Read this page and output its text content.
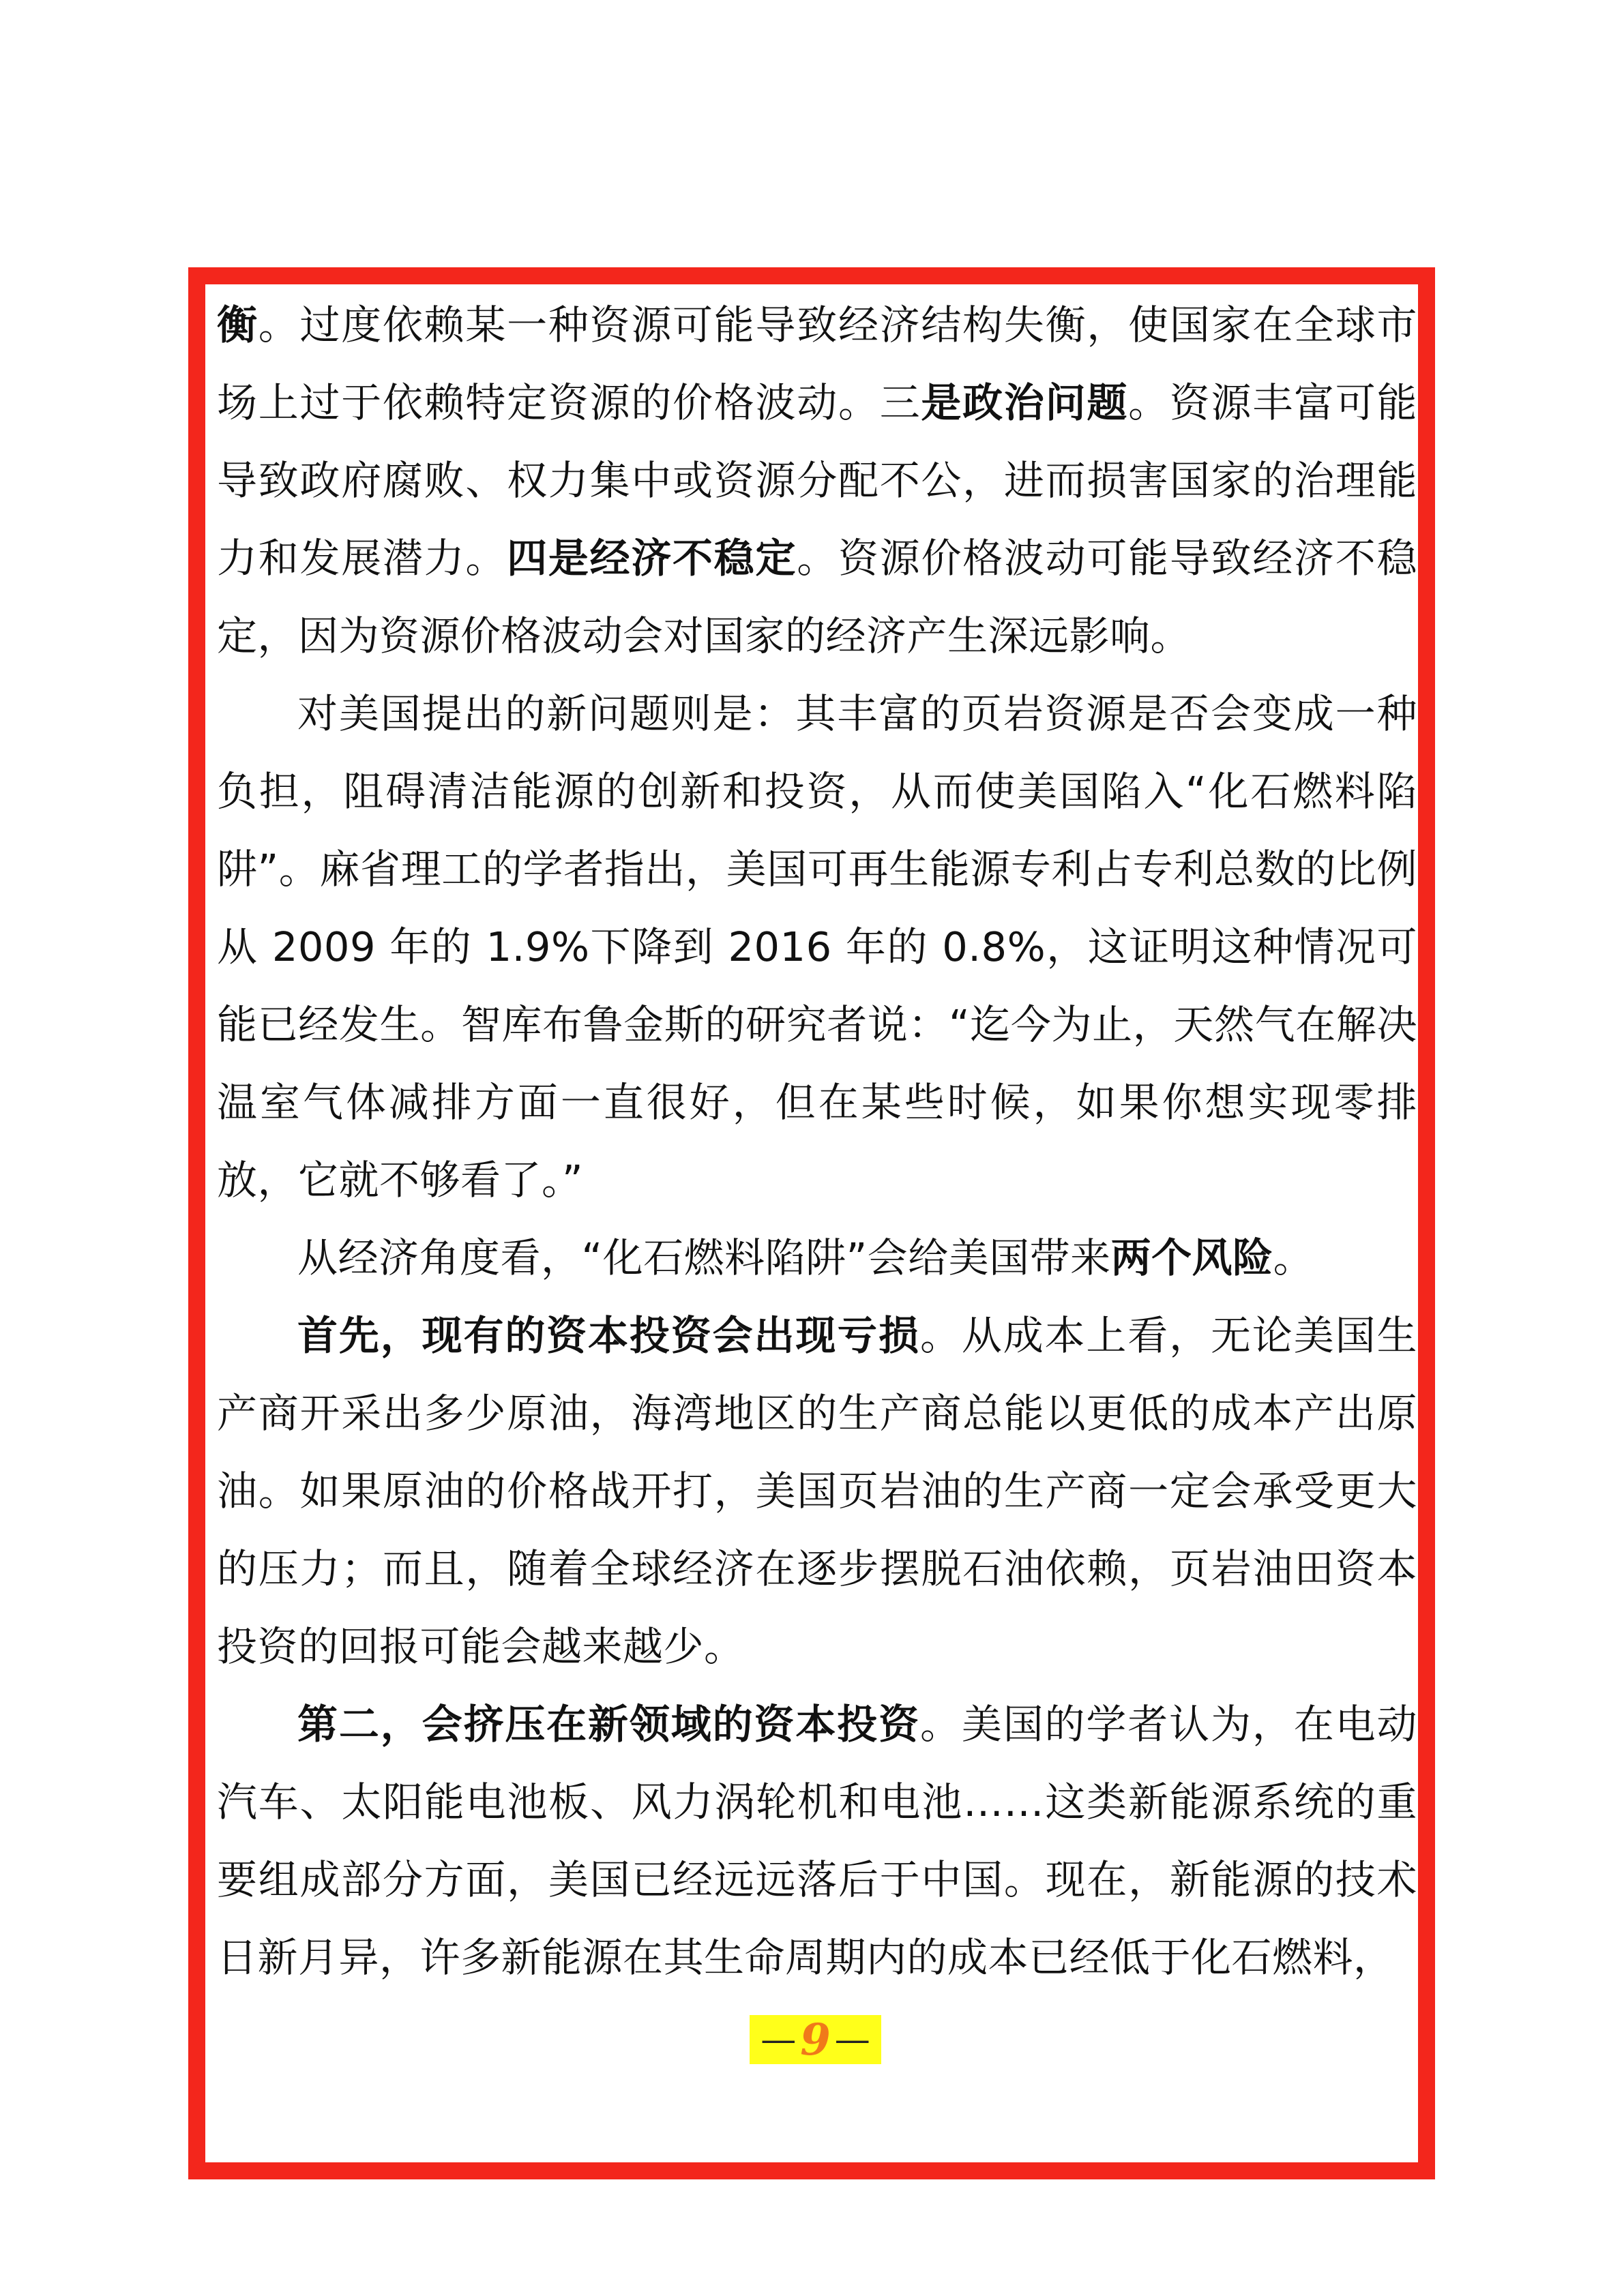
衡。过度依赖某一种资源可能导致经济结构失衡，使国家在全球市场上过于依赖特定资源的价格波动。三是政治问题。资源丰富可能导致政府腐败、权力集中或资源分配不公，进而损害国家的治理能力和发展潜力。四是经济不稳定。资源价格波动可能导致经济不稳定，因为资源价格波动会对国家的经济产生深远影响。

对美国提出的新问题则是：其丰富的页岩资源是否会变成一种负担，阻碍清洁能源的创新和投资，从而使美国陷入“化石燃料陷阱”。麻省理工的学者指出，美国可再生能源专利占专利总数的比例从 2009 年的 1.9%下降到 2016 年的 0.8%，这证明这种情况可能已经发生。智库布鲁金斯的研究者说：“迄今为止，天然气在解决温室气体减排方面一直很好，但在某些时候，如果你想实现零排放，它就不够看了。”

从经济角度看，“化石燃料陷阱”会给美国带来两个风险。

首先，现有的资本投资会出现亏损。从成本上看，无论美国生产商开采出多少原油，海湾地区的生产商总能以更低的成本产出原油。如果原油的价格战开打，美国页岩油的生产商一定会承受更大的压力；而且，随着全球经济在逐步摆脱石油依赖，页岩油田资本投资的回报可能会越来越少。

第二，会挤压在新领域的资本投资。美国的学者认为，在电动汽车、太阳能电池板、风力涡轮机和电池……这类新能源系统的重要组成部分方面，美国已经远远落后于中国。现在，新能源的技术日新月异，许多新能源在其生命周期内的成本已经低于化石燃料，

— 9 —
